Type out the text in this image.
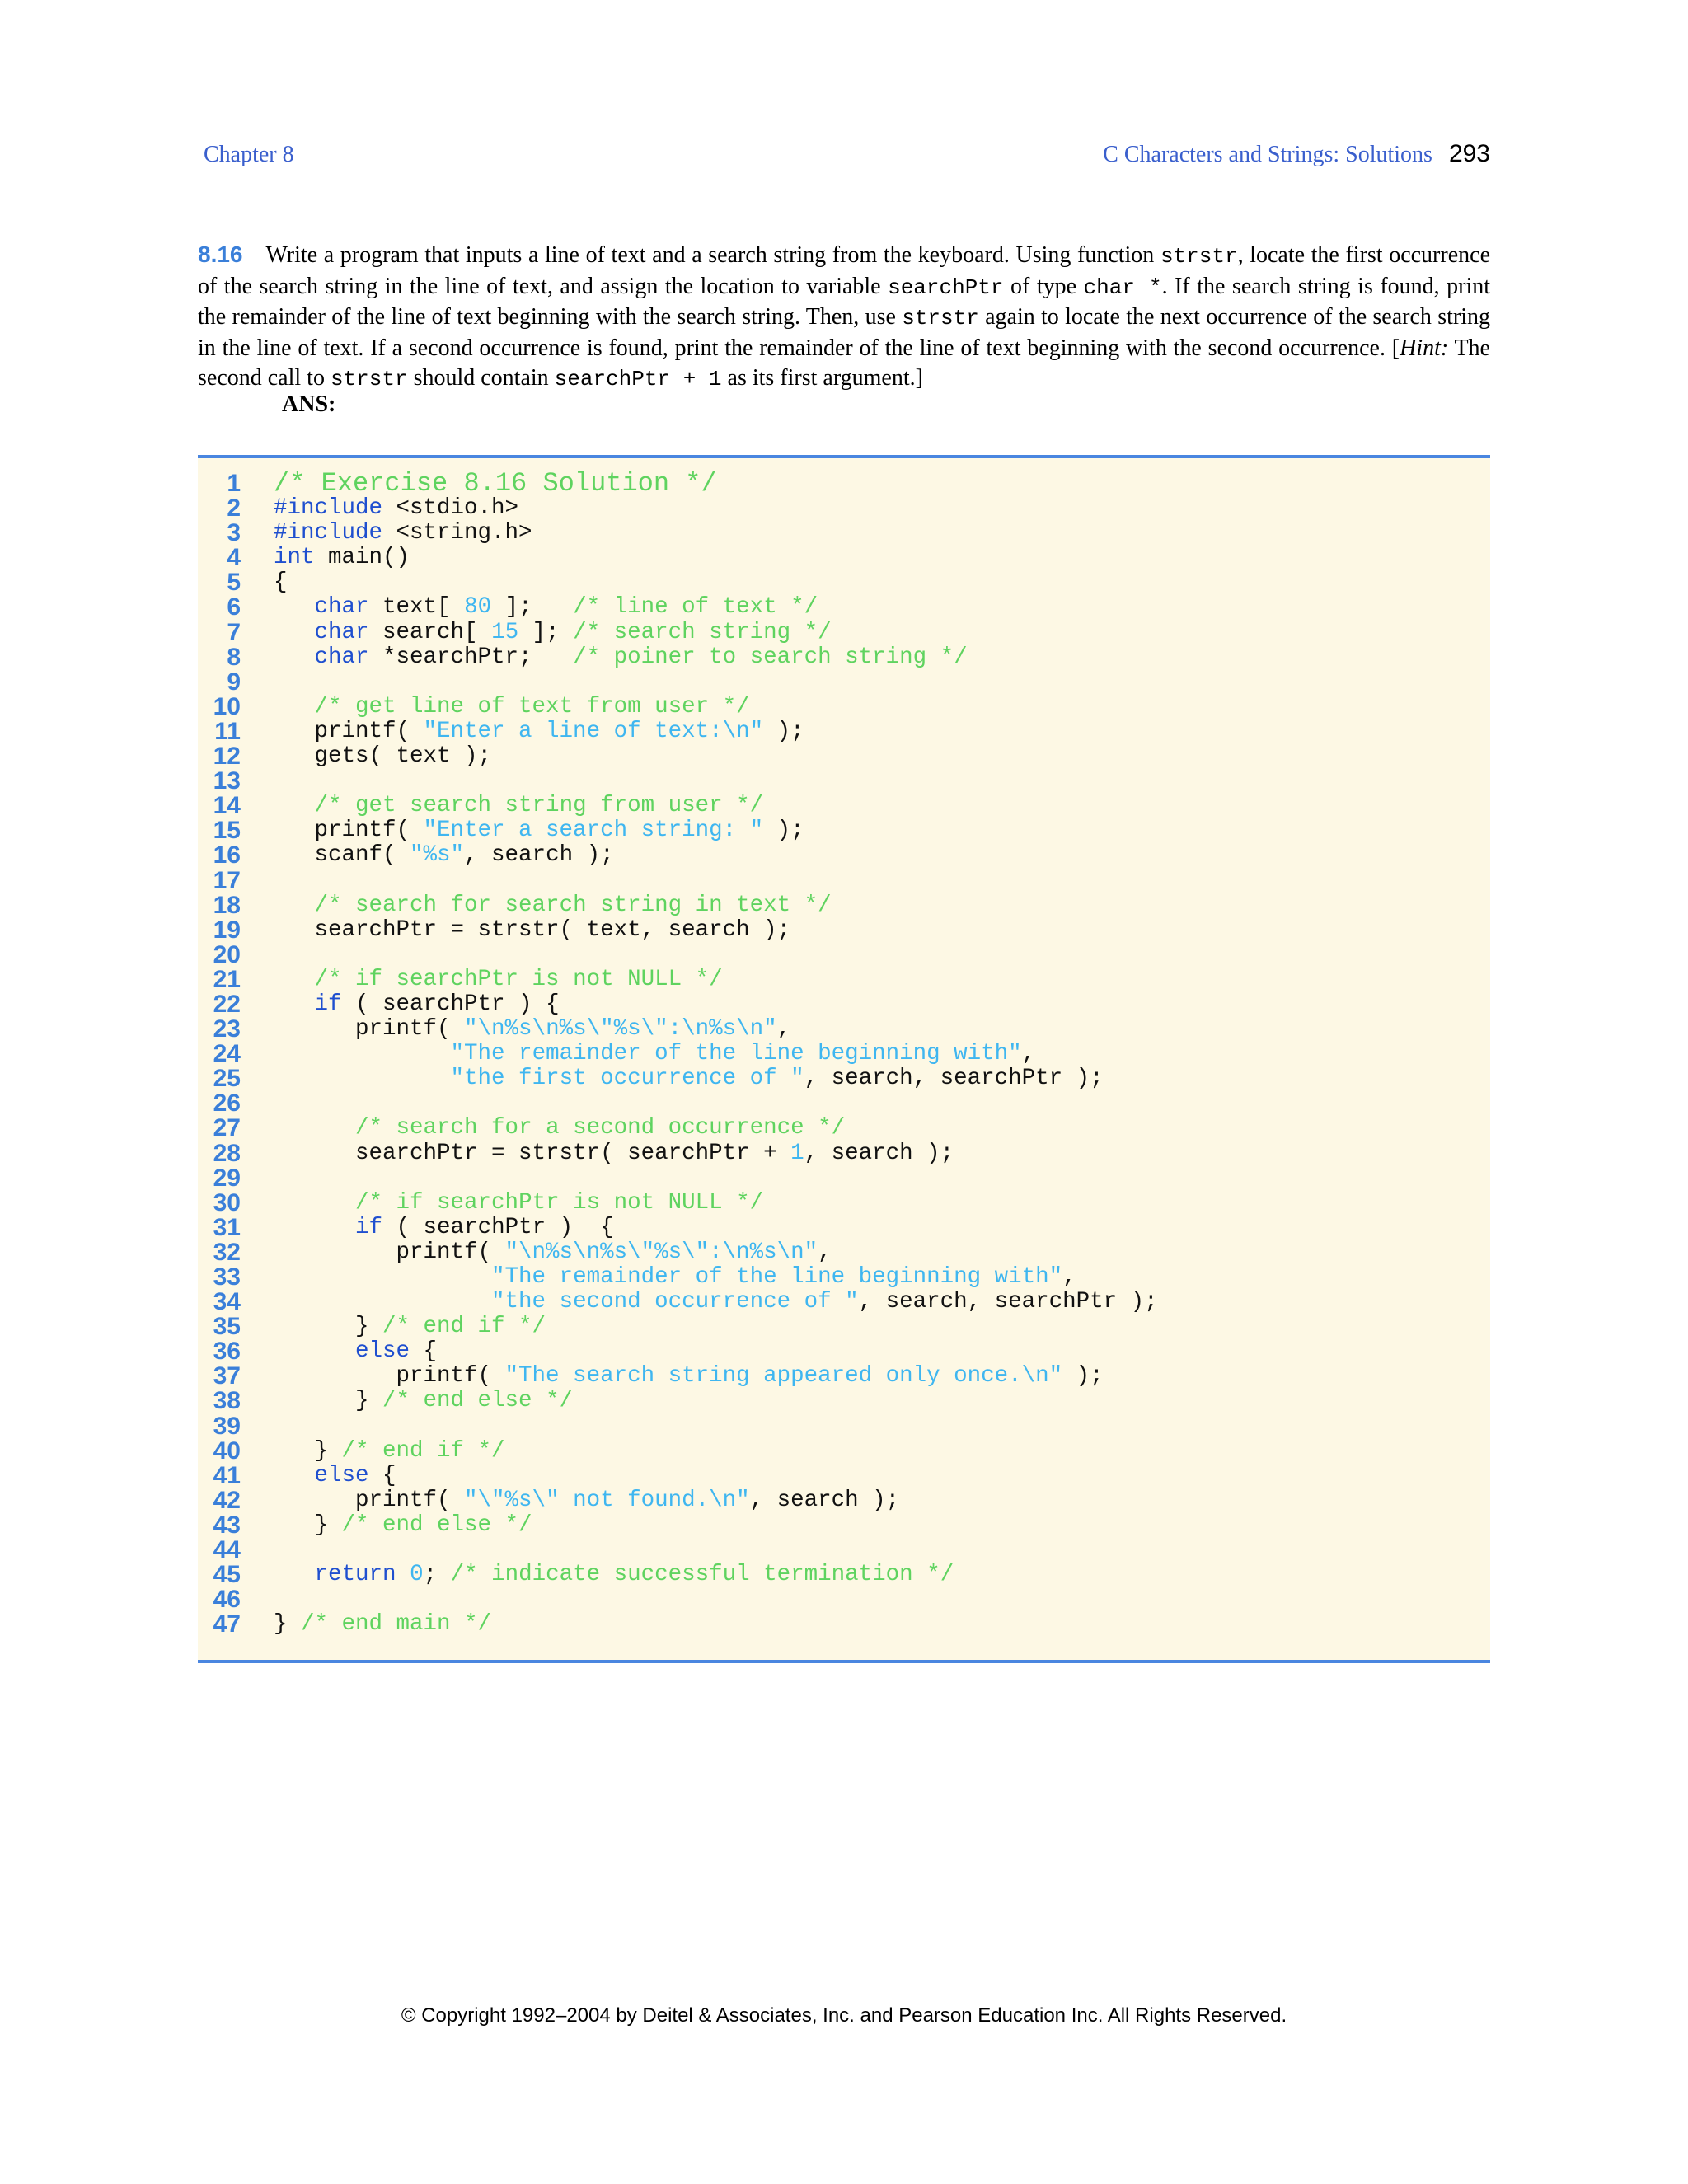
Chapter 8	C Characters and Strings: Solutions 293
8.16 Write a program that inputs a line of text and a search string from the keyboard. Using function strstr, locate the first occurrence of the search string in the line of text, and assign the location to variable searchPtr of type char *. If the search string is found, print the remainder of the line of text beginning with the search string. Then, use strstr again to locate the next occurrence of the search string in the line of text. If a second occurrence is found, print the remainder of the line of text beginning with the second occurrence. [Hint: The second call to strstr should contain searchPtr + 1 as its first argument.]
ANS:
1 /* Exercise 8.16 Solution */
2 #include <stdio.h>
3 #include <string.h>
4 int main()
5 {
6	char text[ 80 ];   /* line of text */
7	char search[ 15 ]; /* search string */
8	char *searchPtr;   /* poiner to search string */
9
10	/* get line of text from user */
11 printf( "Enter a line of text:\n" );
12 gets( text );
13
14	/* get search string from user */
15 printf( "Enter a search string: " );
16 scanf( "%s", search );
17
18	/* search for search string in text */
19 searchPtr = strstr( text, search );
20
21	/* if searchPtr is not NULL */
22	if ( searchPtr ) {
23 printf( "\n%s\n%s\"%s\":\n%s\n",
24	"The remainder of the line beginning with",
25	"the first occurrence of ", search, searchPtr );
26
27	/* search for a second occurrence */
28 searchPtr = strstr( searchPtr + 1, search );
29
30	/* if searchPtr is not NULL */
31	if ( searchPtr )  {
32 printf( "\n%s\n%s\"%s\":\n%s\n",
33	"The remainder of the line beginning with",
34	"the second occurrence of ", search, searchPtr );
35 } /* end if */
36	else {
37 printf( "The search string appeared only once.\n" );
38 } /* end else */
39
40 } /* end if */
41	else {
42 printf( "\"%s\" not found.\n", search );
43 } /* end else */
44
45	return 0; /* indicate successful termination */
46
47 } /* end main */
© Copyright 1992–2004 by Deitel & Associates, Inc. and Pearson Education Inc. All Rights Reserved.
